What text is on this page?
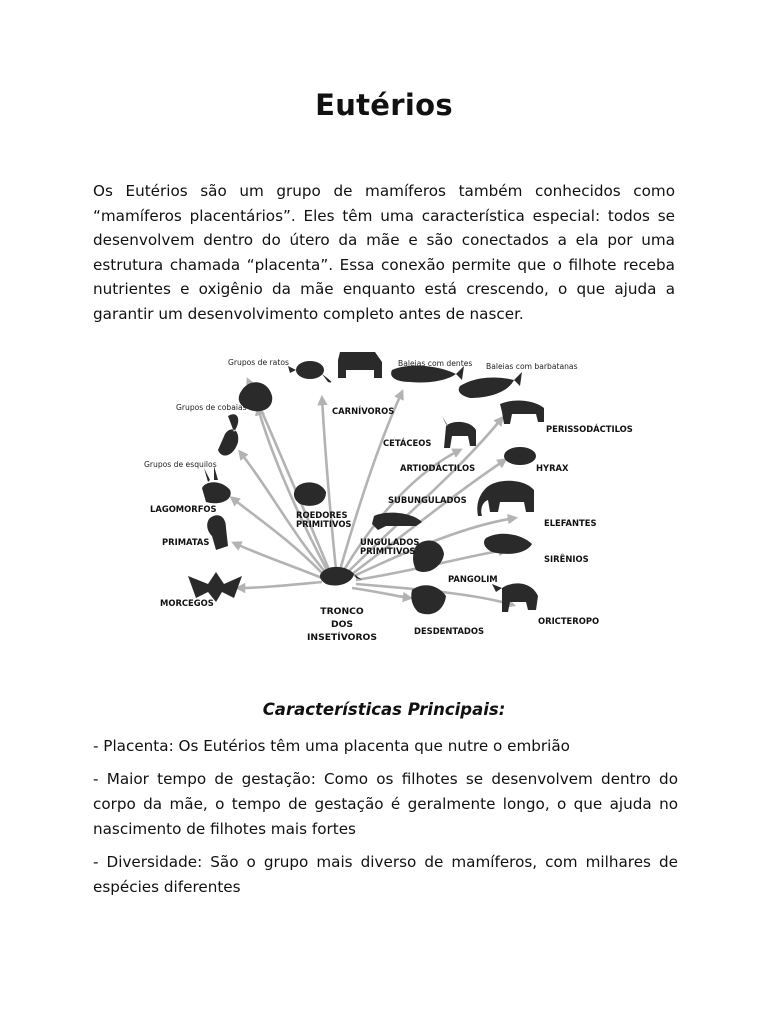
Eutérios
Os Eutérios são um grupo de mamíferos também conhecidos como “mamíferos placentários”. Eles têm uma característica especial: todos se desenvolvem dentro do útero da mãe e são conectados a ela por uma estrutura chamada “placenta”. Essa conexão permite que o filhote receba nutrientes e oxigênio da mãe enquanto está crescendo, o que ajuda a garantir um desenvolvimento completo antes de nascer.
Grupos de ratos
Grupos de cobaias
Grupos de esquilos
LAGOMORFOS
PRIMATAS
MORCEGOS
CARNÍVOROS
Baleias com dentes Baleias com barbatanas
CETÁCEOS
ARTIODÁCTILOS
PERISSODÁCTILOS
HYRAX
SUBUNGULADOS
ELEFANTES
SIRÊNIOS
ROEDORES
PRIMITIVOS
UNGULADOS
PRIMITIVOS
PANGOLIM
ORICTEROPO
DESDENTADOS
TRONCO
DOS
INSETÍVOROS
Características Principais:
- Placenta: Os Eutérios têm uma placenta que nutre o embrião
- Maior tempo de gestação: Como os filhotes se desenvolvem dentro do corpo da mãe, o tempo de gestação é geralmente longo, o que ajuda no nascimento de filhotes mais fortes
- Diversidade: São o grupo mais diverso de mamíferos, com milhares de espécies diferentes
